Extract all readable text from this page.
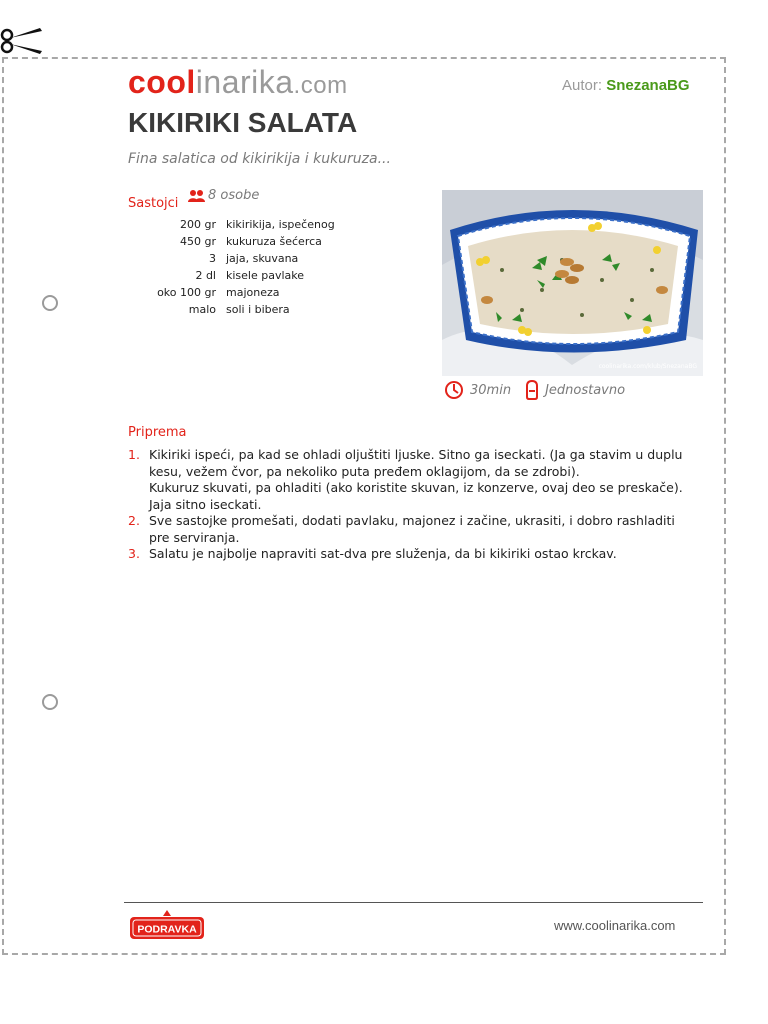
coolinarika.com	Autor: SnezanaBG
KIKIRIKI SALATA
Fina salatica od kikirikija i kukuruza...
Sastojci
8 osobe
200 gr	kikirikija, ispečenog
450 gr	kukuruza šećerca
3	jaja, skuvana
2 dl	kisele pavlake
oko 100 gr	majoneza
malo	soli i bibera
coolinarika.com/klub/SnezanaBG
30min	Jednostavno
Priprema
1. Kikiriki ispeći, pa kad se ohladi oljuštiti ljuske. Sitno ga iseckati. (Ja ga stavim u duplu kesu, vežem čvor, pa nekoliko puta pređem oklagijom, da se zdrobi).
Kukuruz skuvati, pa ohladiti (ako koristite skuvan, iz konzerve, ovaj deo se preskače).
Jaja sitno iseckati.
2. Sve sastojke promešati, dodati pavlaku, majonez i začine, ukrasiti, i dobro rashladiti pre serviranja.
3. Salatu je najbolje napraviti sat-dva pre služenja, da bi kikiriki ostao krckav.
PODRAVKA	www.coolinarika.com
